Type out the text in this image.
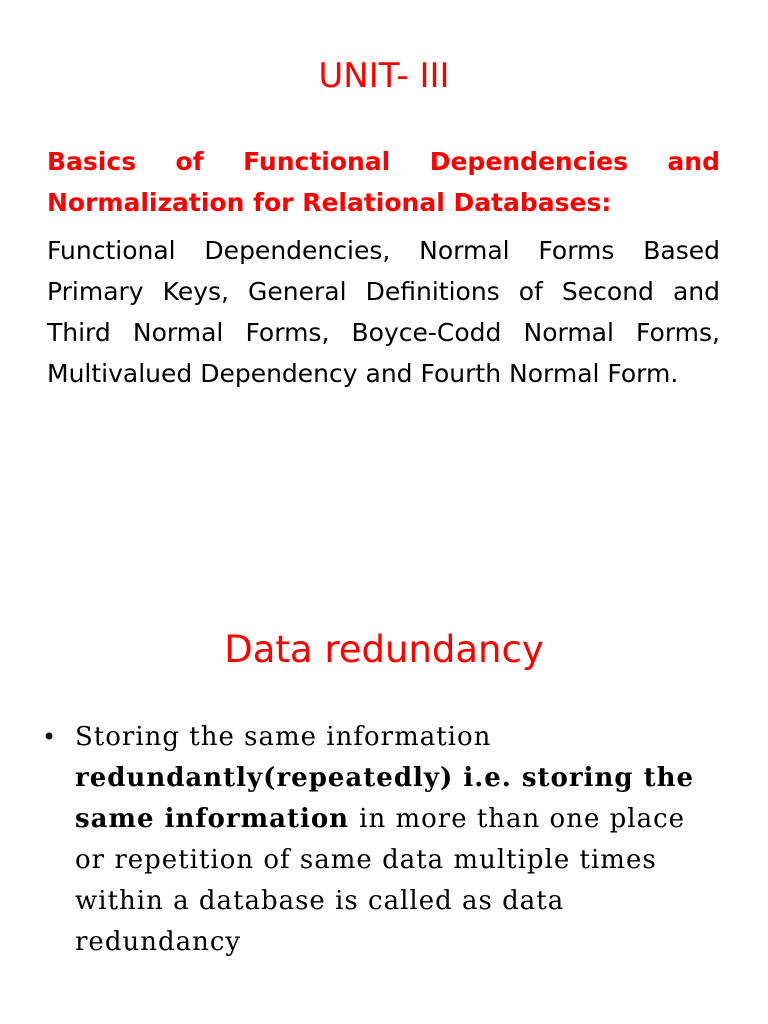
UNIT- III
Basics of Functional Dependencies and
Normalization for Relational Databases:
Functional Dependencies, Normal Forms Based Primary Keys, General Definitions of Second and Third Normal Forms, Boyce-Codd Normal Forms, Multivalued Dependency and Fourth Normal Form.
Data redundancy
• Storing the same information redundantly(repeatedly) i.e. storing the same information in more than one place or repetition of same data multiple times within a database is called as data redundancy
